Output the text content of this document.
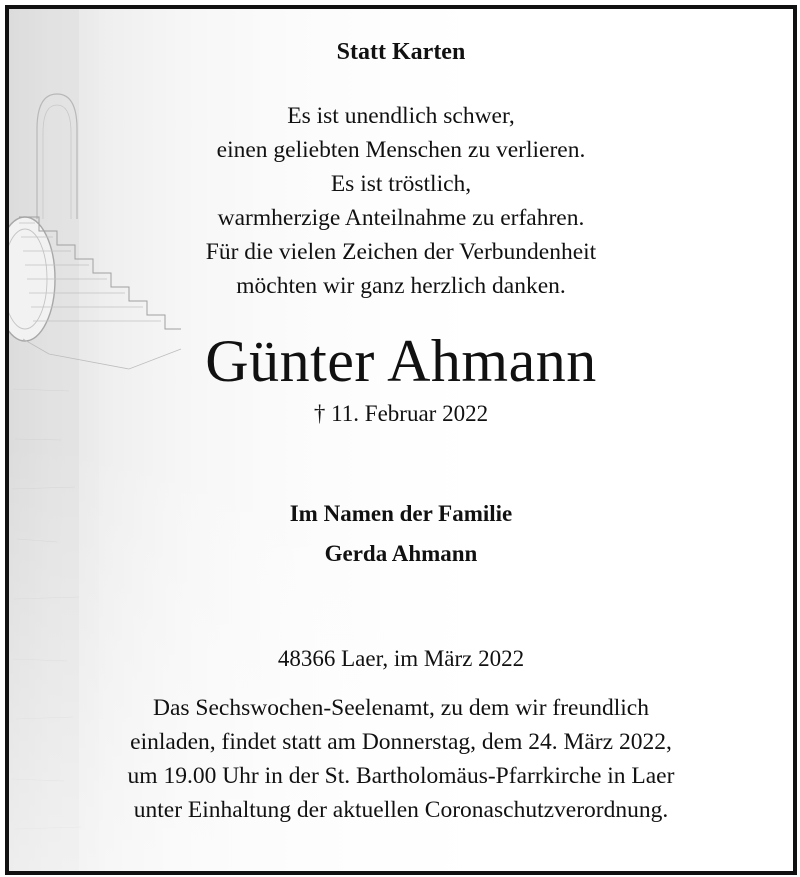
Statt Karten
Es ist unendlich schwer,
einen geliebten Menschen zu verlieren.
Es ist tröstlich,
warmherzige Anteilnahme zu erfahren.
Für die vielen Zeichen der Verbundenheit
möchten wir ganz herzlich danken.
Günter Ahmann
† 11. Februar 2022
Im Namen der Familie
Gerda Ahmann
48366 Laer, im März 2022
Das Sechswochen-Seelenamt, zu dem wir freundlich
einladen, findet statt am Donnerstag, dem 24. März 2022,
um 19.00 Uhr in der St. Bartholomäus-Pfarrkirche in Laer
unter Einhaltung der aktuellen Coronaschutzverordnung.
